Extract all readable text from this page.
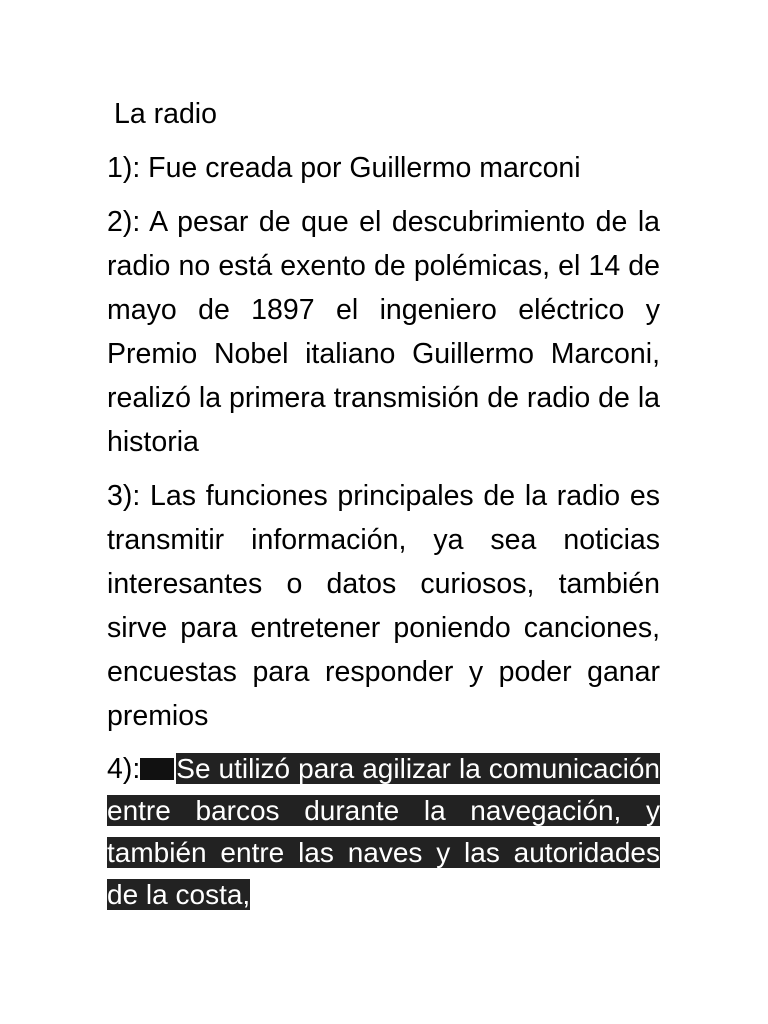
La radio

1): Fue creada por Guillermo marconi

2): A pesar de que el descubrimiento de la radio no está exento de polémicas, el 14 de mayo de 1897 el ingeniero eléctrico y Premio Nobel italiano Guillermo Marconi, realizó la primera transmisión de radio de la historia

3): Las funciones principales de la radio es transmitir información, ya sea noticias interesantes o datos curiosos, también sirve para entretener poniendo canciones, encuestas para responder y poder ganar premios

4): Se utilizó para agilizar la comunicación entre barcos durante la navegación, y también entre las naves y las autoridades de la costa,
